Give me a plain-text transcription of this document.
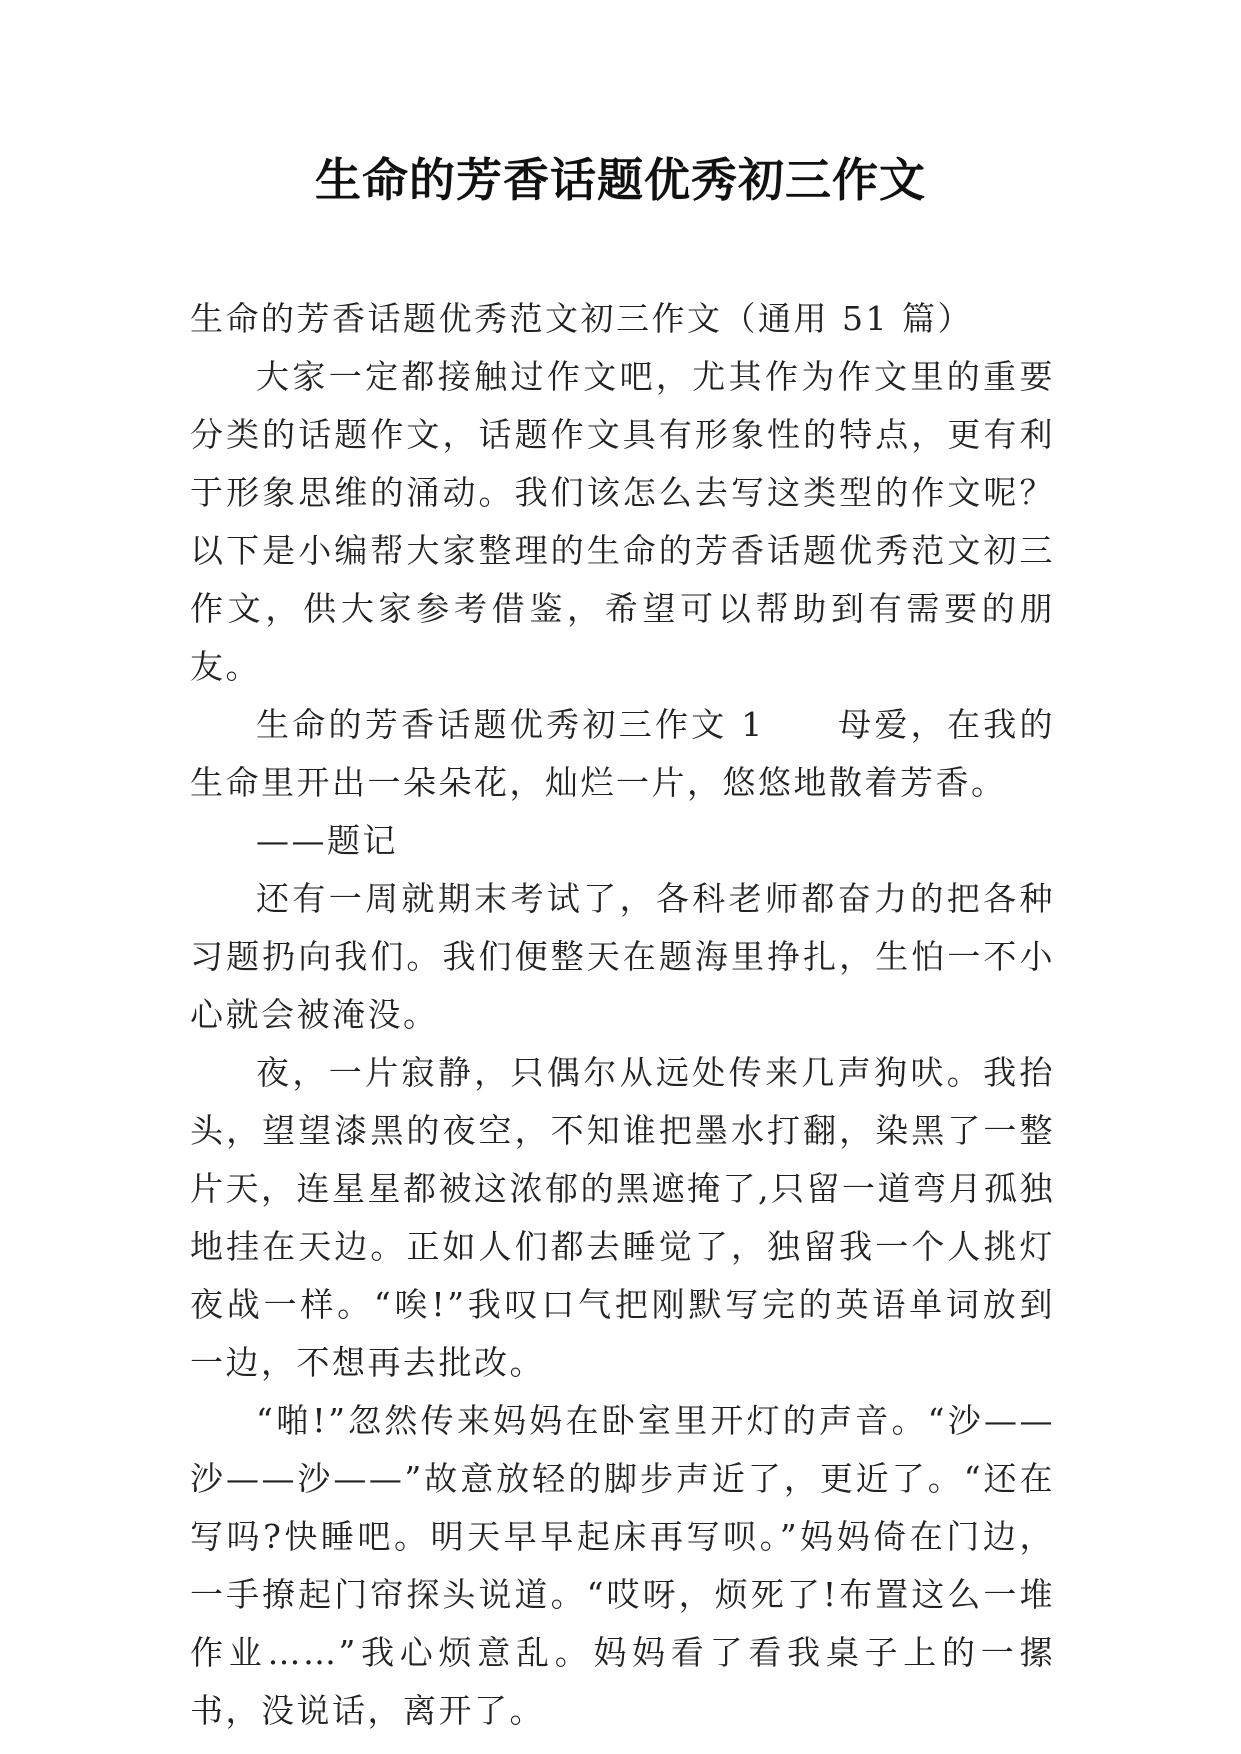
生命的芳香话题优秀初三作文

生命的芳香话题优秀范文初三作文（通用 51 篇）

大家一定都接触过作文吧，尤其作为作文里的重要分类的话题作文，话题作文具有形象性的特点，更有利于形象思维的涌动。我们该怎么去写这类型的作文呢？以下是小编帮大家整理的生命的芳香话题优秀范文初三作文，供大家参考借鉴，希望可以帮助到有需要的朋友。

生命的芳香话题优秀初三作文 1　　母爱，在我的生命里开出一朵朵花，灿烂一片，悠悠地散着芳香。

——题记

还有一周就期末考试了，各科老师都奋力的把各种习题扔向我们。我们便整天在题海里挣扎，生怕一不小心就会被淹没。

夜，一片寂静，只偶尔从远处传来几声狗吠。我抬头，望望漆黑的夜空，不知谁把墨水打翻，染黑了一整片天，连星星都被这浓郁的黑遮掩了,只留一道弯月孤独地挂在天边。正如人们都去睡觉了，独留我一个人挑灯夜战一样。“唉!”我叹口气把刚默写完的英语单词放到一边，不想再去批改。

“啪!”忽然传来妈妈在卧室里开灯的声音。“沙——沙——沙——”故意放轻的脚步声近了，更近了。“还在写吗?快睡吧。明天早早起床再写呗。”妈妈倚在门边，一手撩起门帘探头说道。“哎呀，烦死了!布置这么一堆作业……”我心烦意乱。妈妈看了看我桌子上的一摞书，没说话，离开了。
